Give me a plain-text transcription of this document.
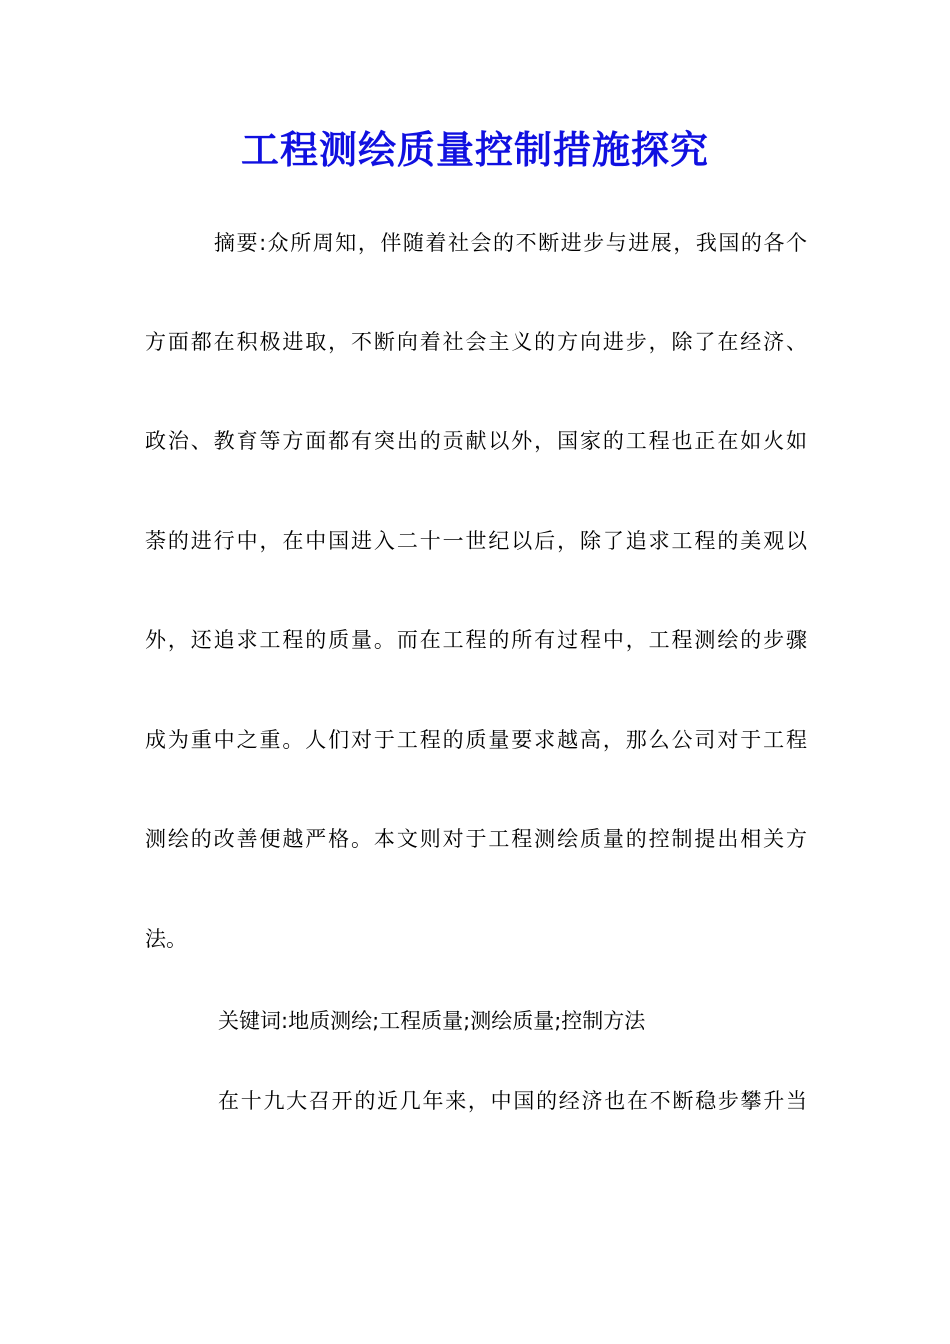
工程测绘质量控制措施探究
摘要:众所周知，伴随着社会的不断进步与进展，我国的各个
方面都在积极进取，不断向着社会主义的方向进步，除了在经济、
政治、教育等方面都有突出的贡献以外，国家的工程也正在如火如
荼的进行中，在中国进入二十一世纪以后，除了追求工程的美观以
外，还追求工程的质量。而在工程的所有过程中，工程测绘的步骤
成为重中之重。人们对于工程的质量要求越高，那么公司对于工程
测绘的改善便越严格。本文则对于工程测绘质量的控制提出相关方
法。
关键词:地质测绘;工程质量;测绘质量;控制方法
在十九大召开的近几年来，中国的经济也在不断稳步攀升当
